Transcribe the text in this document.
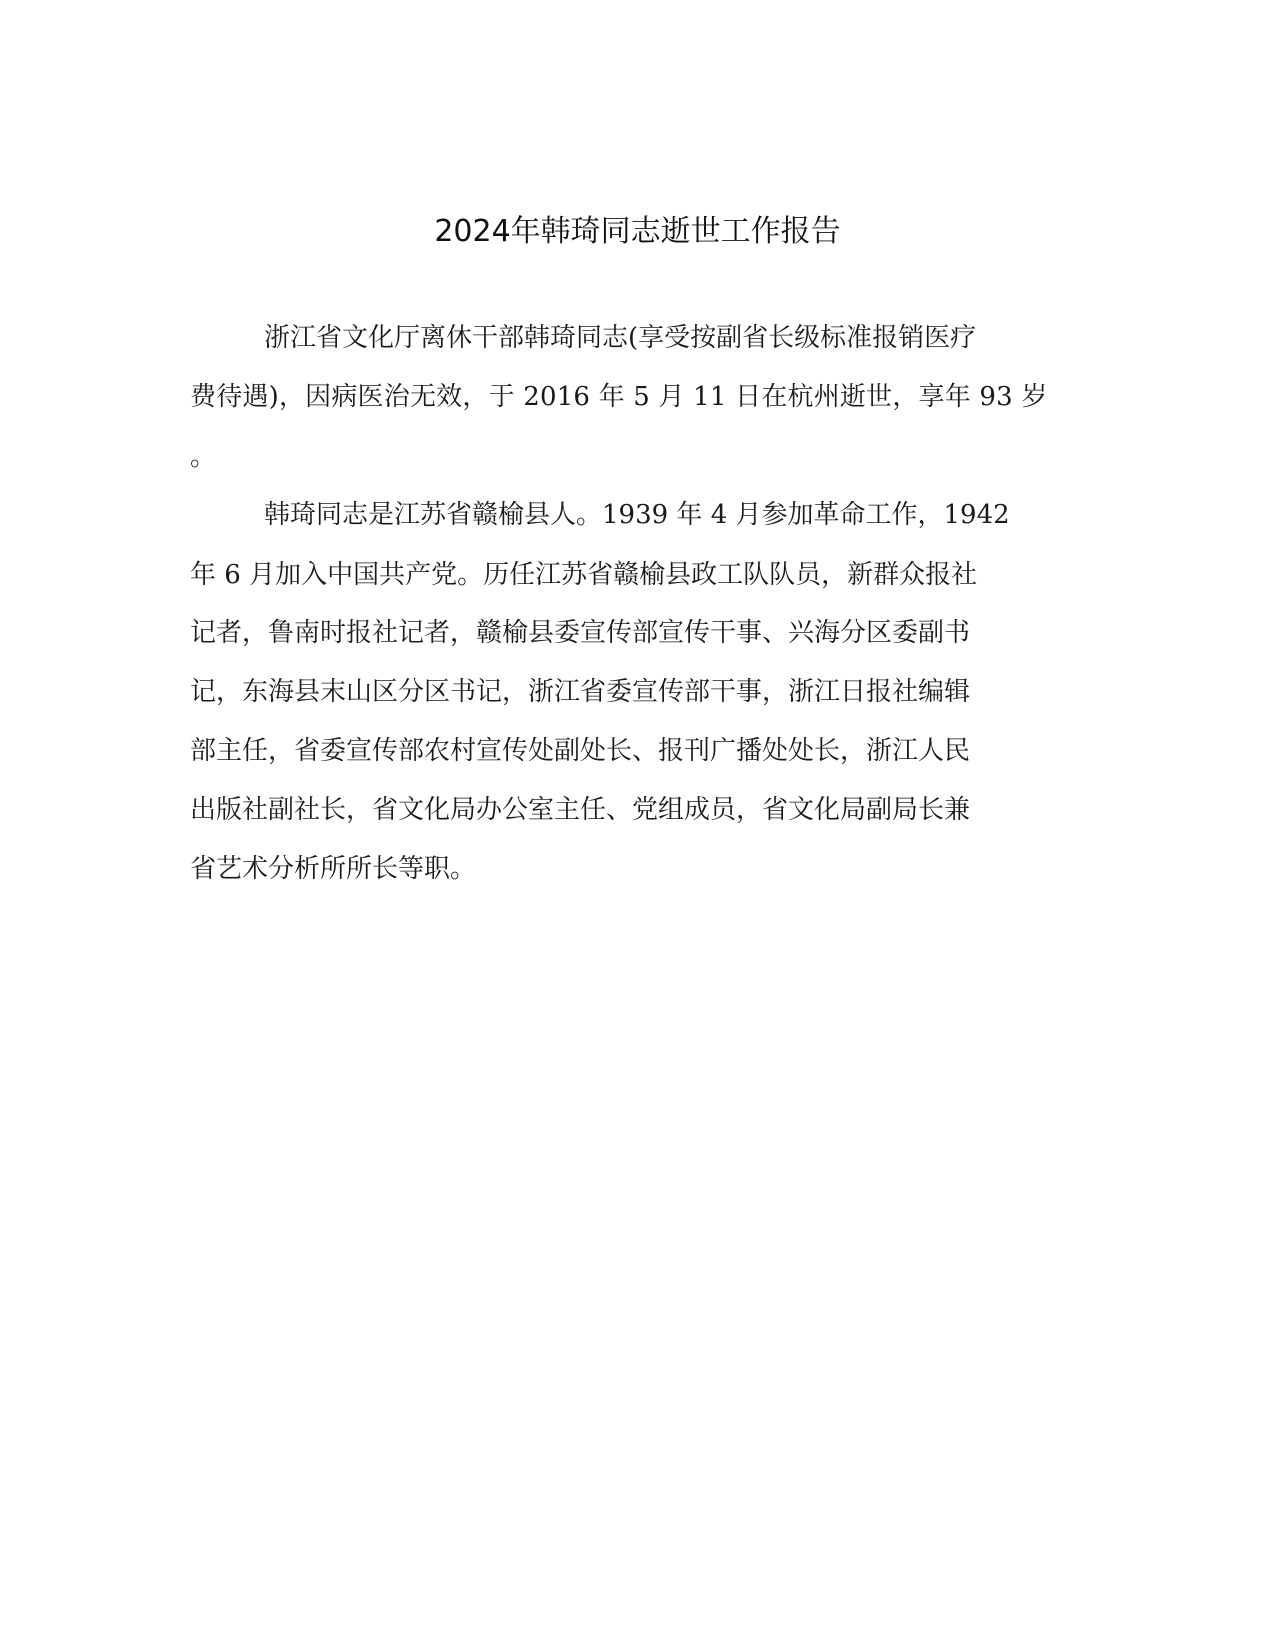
2024年韩琦同志逝世工作报告

浙江省文化厅离休干部韩琦同志(享受按副省长级标准报销医疗

费待遇)，因病医治无效，于 2016 年 5 月 11 日在杭州逝世，享年 93 岁

。

韩琦同志是江苏省赣榆县人。1939 年 4 月参加革命工作，1942

年 6 月加入中国共产党。历任江苏省赣榆县政工队队员，新群众报社

记者，鲁南时报社记者，赣榆县委宣传部宣传干事、兴海分区委副书

记，东海县末山区分区书记，浙江省委宣传部干事，浙江日报社编辑

部主任，省委宣传部农村宣传处副处长、报刊广播处处长，浙江人民

出版社副社长，省文化局办公室主任、党组成员，省文化局副局长兼

省艺术分析所所长等职。
